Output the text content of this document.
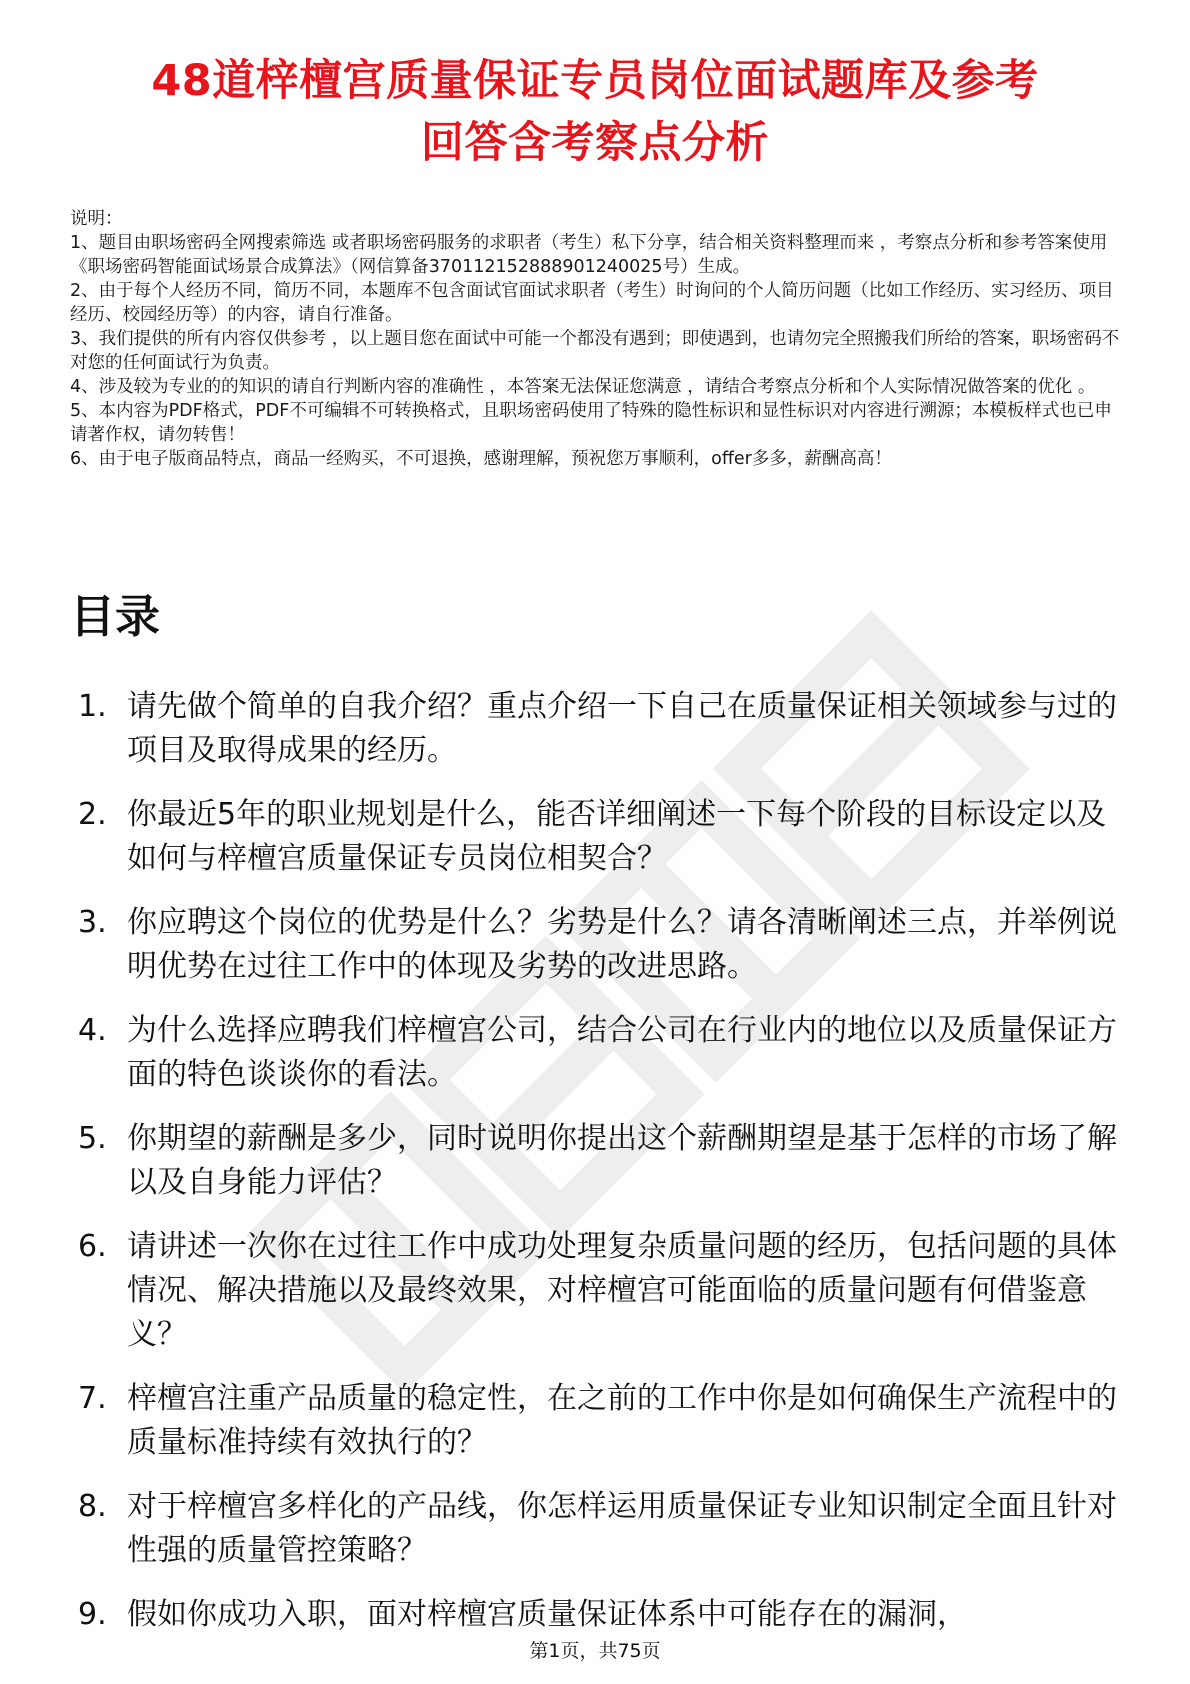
48道梓檀宫质量保证专员岗位面试题库及参考
回答含考察点分析

说明：

1、题目由职场密码全网搜索筛选 或者职场密码服务的求职者（考生）私下分享，结合相关资料整理而来 ，考察点分析和参考答案使用《职场密码智能面试场景合成算法》（网信算备370112152888901240025号）生成。

2、由于每个人经历不同，简历不同，本题库不包含面试官面试求职者（考生）时询问的个人简历问题（比如工作经历、实习经历、项目经历、校园经历等）的内容，请自行准备。

3、我们提供的所有内容仅供参考 ，以上题目您在面试中可能一个都没有遇到；即使遇到，也请勿完全照搬我们所给的答案，职场密码不对您的任何面试行为负责。

4、涉及较为专业的的知识的请自行判断内容的准确性 ，本答案无法保证您满意 ，请结合考察点分析和个人实际情况做答案的优化 。

5、本内容为PDF格式，PDF不可编辑不可转换格式，且职场密码使用了特殊的隐性标识和显性标识对内容进行溯源；本模板样式也已申请著作权，请勿转售！

6、由于电子版商品特点，商品一经购买，不可退换，感谢理解，预祝您万事顺利，offer多多，薪酬高高！

目录
1. 请先做个简单的自我介绍？重点介绍一下自己在质量保证相关领域参与过的项目及取得成果的经历。
2. 你最近5年的职业规划是什么，能否详细阐述一下每个阶段的目标设定以及如何与梓檀宫质量保证专员岗位相契合？
3. 你应聘这个岗位的优势是什么？劣势是什么？请各清晰阐述三点，并举例说明优势在过往工作中的体现及劣势的改进思路。
4. 为什么选择应聘我们梓檀宫公司，结合公司在行业内的地位以及质量保证方面的特色谈谈你的看法。
5. 你期望的薪酬是多少，同时说明你提出这个薪酬期望是基于怎样的市场了解以及自身能力评估？
6. 请讲述一次你在过往工作中成功处理复杂质量问题的经历，包括问题的具体情况、解决措施以及最终效果，对梓檀宫可能面临的质量问题有何借鉴意义？
7. 梓檀宫注重产品质量的稳定性，在之前的工作中你是如何确保生产流程中的质量标准持续有效执行的？
8. 对于梓檀宫多样化的产品线，你怎样运用质量保证专业知识制定全面且针对性强的质量管控策略？
9. 假如你成功入职，面对梓檀宫质量保证体系中可能存在的漏洞，
第1页，共75页
